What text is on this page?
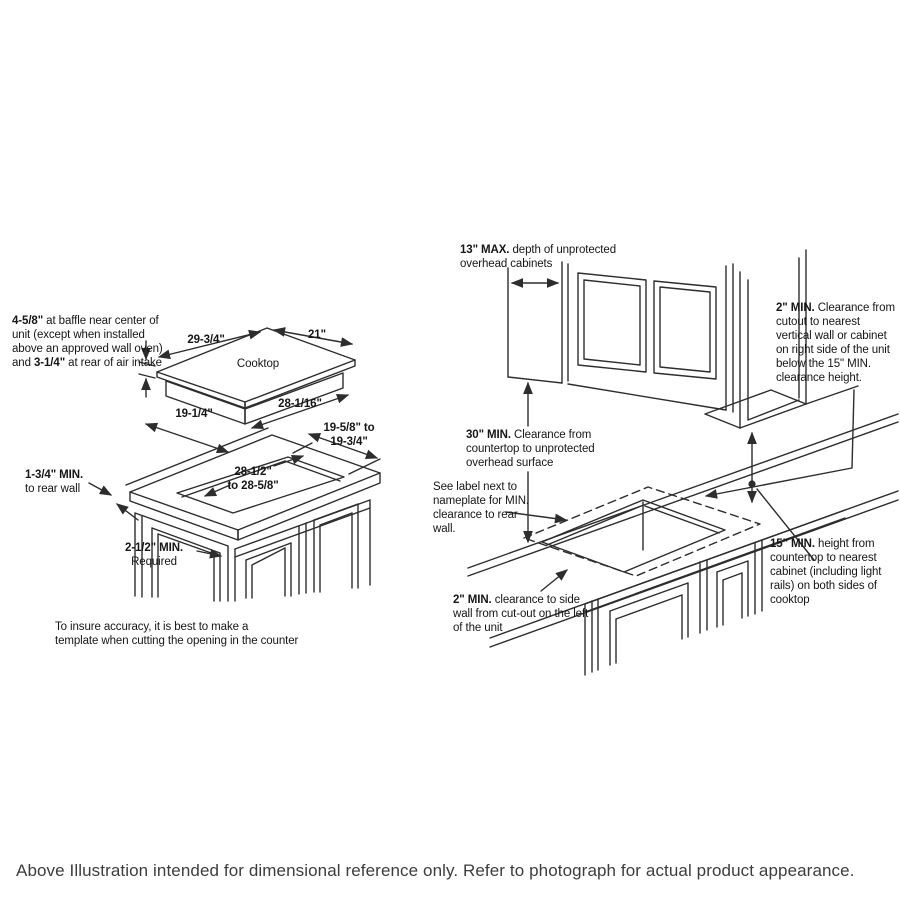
4-5/8" at baffle near center of unit (except when installed above an approved wall oven) and 3-1/4" at rear of air intake
29-3/4"	21"
Cooktop
19-1/4"
28-1/16"
19-5/8" to
19-3/4"
28-1/2"
to 28-5/8"
1-3/4" MIN.
to rear wall
2-1/2" MIN.
Required
To insure accuracy, it is best to make a
template when cutting the opening in the counter
13" MAX. depth of unprotected overhead cabinets
2" MIN. Clearance from cutout to nearest vertical wall or cabinet on right side of the unit below the 15" MIN. clearance height.
30" MIN. Clearance from countertop to unprotected overhead surface
See label next to nameplate for MIN. clearance to rear wall.
2" MIN. clearance to side wall from cut-out on the left of the unit
15" MIN. height from countertop to nearest cabinet (including light rails) on both sides of cooktop
Above Illustration intended for dimensional reference only. Refer to photograph for actual product appearance.
